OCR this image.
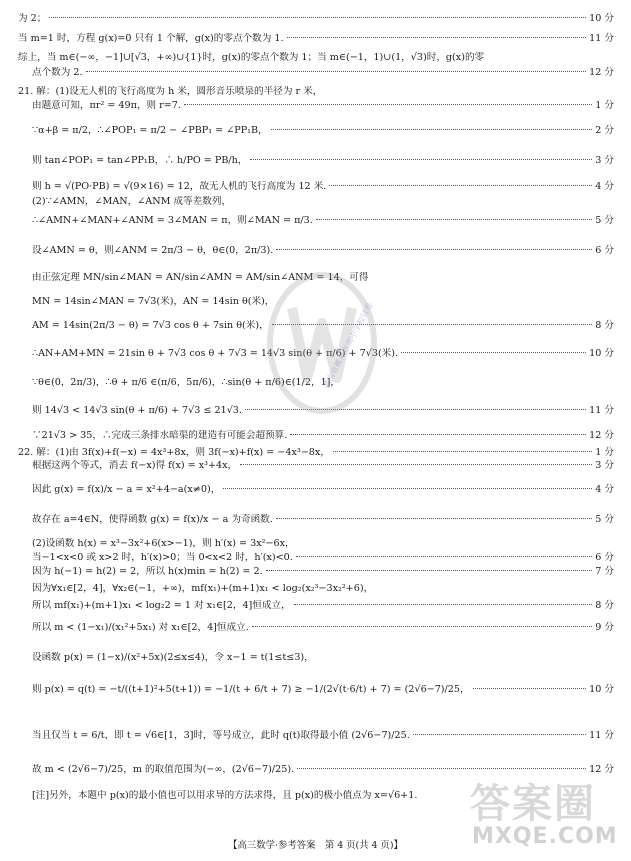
为 2；	10 分
当 m=1 时，方程 g(x)=0 只有 1 个解，g(x)的零点个数为 1.	11 分
综上，当 m∈(−∞，−1]∪[√3，+∞)∪{1}时，g(x)的零点个数为 1；当 m∈(−1，1)∪(1，√3)时，g(x)的零
点个数为 2.	12 分
21. 解：(1)设无人机的飞行高度为 h 米，圆形音乐喷泉的半径为 r 米，
由题意可知，πr² = 49π，则 r=7.	1 分
∵α+β = π/2，∴∠POP₁ = π/2 − ∠PBP₁ = ∠PP₁B，	2 分
则 tan∠POP₁ = tan∠PP₁B，∴ h/PO = PB/h，	3 分
则 h = √(PO·PB) = √(9×16) = 12，故无人机的飞行高度为 12 米.	4 分
(2)∵∠AMN，∠MAN，∠ANM 成等差数列，
∴∠AMN+∠MAN+∠ANM = 3∠MAN = π，则∠MAN = π/3.	5 分
设∠AMN = θ，则∠ANM = 2π/3 − θ，θ∈(0，2π/3).	6 分
由正弦定理 MN/sin∠MAN = AN/sin∠AMN = AM/sin∠ANM = 14，可得
MN = 14sin∠MAN = 7√3(米)，AN = 14sin θ(米)，
AM = 14sin(2π/3 − θ) = 7√3 cos θ + 7sin θ(米)，	8 分
∴AN+AM+MN = 21sin θ + 7√3 cos θ + 7√3 = 14√3 sin(θ + π/6) + 7√3(米).	10 分
∵θ∈(0，2π/3)，∴θ + π/6 ∈(π/6，5π/6)，∴sin(θ + π/6)∈(1/2，1]，
则 14√3 < 14√3 sin(θ + π/6) + 7√3 ≤ 21√3.	11 分
∵21√3 > 35，∴完成三条排水暗渠的建造有可能会超预算.	12 分
22. 解：(1)由 3f(x)+f(−x) = 4x³+8x，则 3f(−x)+f(x) = −4x³−8x，	1 分
根据这两个等式，消去 f(−x)得 f(x) = x³+4x，	3 分
因此 g(x) = f(x)/x − a = x²+4−a(x≠0)，	4 分
故存在 a=4∈N，使得函数 g(x) = f(x)/x − a 为奇函数.	5 分
(2)设函数 h(x) = x³−3x²+6(x>−1)，则 h′(x) = 3x²−6x，
当−1<x<0 或 x>2 时，h′(x)>0；当 0<x<2 时，h′(x)<0.	6 分
因为 h(−1) = h(2) = 2，所以 h(x)min = h(2) = 2.	7 分
因为∀x₁∈[2，4]，∀x₂∈(−1，+∞)，mf(x₁)+(m+1)x₁ < log₂(x₂³−3x₂²+6)，
所以 mf(x₁)+(m+1)x₁ < log₂2 = 1 对 x₁∈[2，4]恒成立，	8 分
所以 m < (1−x₁)/(x₁²+5x₁) 对 x₁∈[2，4]恒成立.	9 分
设函数 p(x) = (1−x)/(x²+5x)(2≤x≤4)，令 x−1 = t(1≤t≤3)，
则 p(x) = q(t) = −t/((t+1)²+5(t+1)) = −1/(t + 6/t + 7) ≥ −1/(2√(t·6/t) + 7) = (2√6−7)/25，	10 分
当且仅当 t = 6/t，即 t = √6∈[1，3]时，等号成立，此时 q(t)取得最小值 (2√6−7)/25.	11 分
故 m < (2√6−7)/25，m 的取值范围为(−∞，(2√6−7)/25).	12 分
[注]另外，本题中 p(x)的最小值也可以用求导的方法求得，且 p(x)的极小值点为 x=√6+1.
湖南省郴州市高中学校试卷
答案圈
MXQE.COM
【高三数学·参考答案　第 4 页(共 4 页)】
